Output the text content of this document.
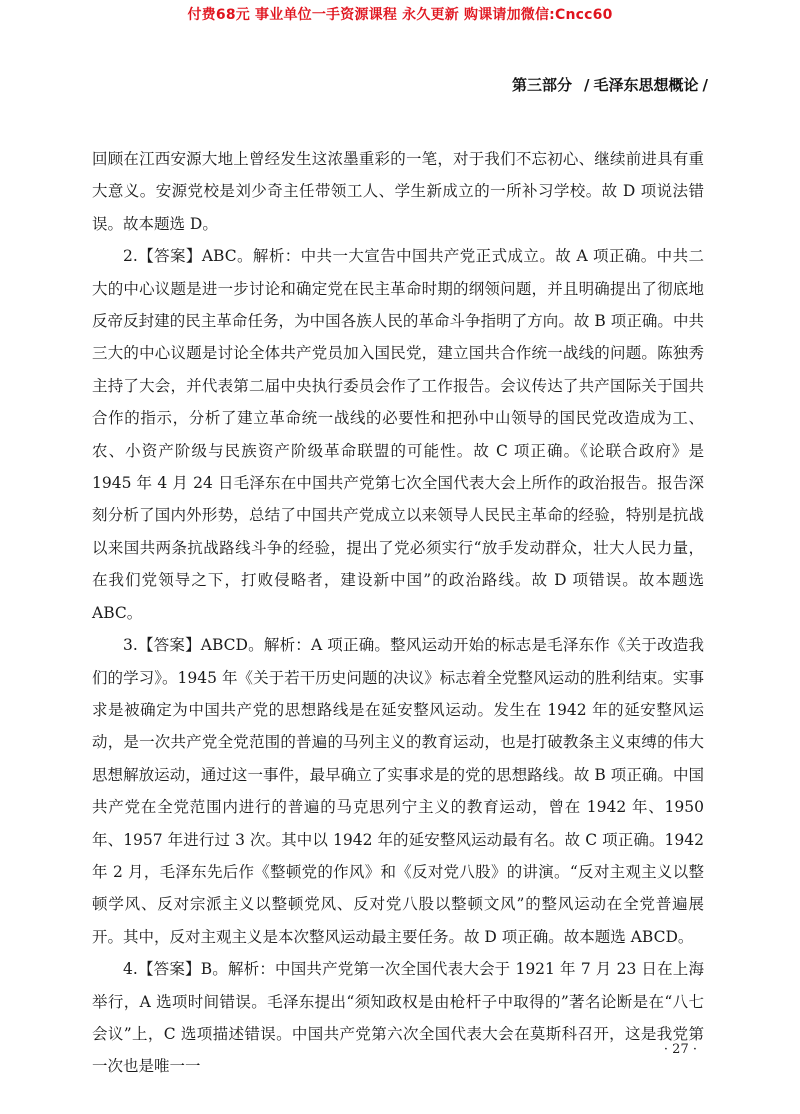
付费68元 事业单位一手资源课程 永久更新 购课请加微信:Cncc60
第三部分 / 毛泽东思想概论 /

回顾在江西安源大地上曾经发生这浓墨重彩的一笔，对于我们不忘初心、继续前进具有重大意义。安源党校是刘少奇主任带领工人、学生新成立的一所补习学校。故 D 项说法错误。故本题选 D。

2.【答案】ABC。解析：中共一大宣告中国共产党正式成立。故 A 项正确。中共二大的中心议题是进一步讨论和确定党在民主革命时期的纲领问题，并且明确提出了彻底地反帝反封建的民主革命任务，为中国各族人民的革命斗争指明了方向。故 B 项正确。中共三大的中心议题是讨论全体共产党员加入国民党，建立国共合作统一战线的问题。陈独秀主持了大会，并代表第二届中央执行委员会作了工作报告。会议传达了共产国际关于国共合作的指示，分析了建立革命统一战线的必要性和把孙中山领导的国民党改造成为工、农、小资产阶级与民族资产阶级革命联盟的可能性。故 C 项正确。《论联合政府》是 1945 年 4 月 24 日毛泽东在中国共产党第七次全国代表大会上所作的政治报告。报告深刻分析了国内外形势，总结了中国共产党成立以来领导人民民主革命的经验，特别是抗战以来国共两条抗战路线斗争的经验，提出了党必须实行“放手发动群众，壮大人民力量，在我们党领导之下，打败侵略者，建设新中国”的政治路线。故 D 项错误。故本题选 ABC。

3.【答案】ABCD。解析：A 项正确。整风运动开始的标志是毛泽东作《关于改造我们的学习》。1945 年《关于若干历史问题的决议》标志着全党整风运动的胜利结束。实事求是被确定为中国共产党的思想路线是在延安整风运动。发生在 1942 年的延安整风运动，是一次共产党全党范围的普遍的马列主义的教育运动，也是打破教条主义束缚的伟大思想解放运动，通过这一事件，最早确立了实事求是的党的思想路线。故 B 项正确。中国共产党在全党范围内进行的普遍的马克思列宁主义的教育运动，曾在 1942 年、1950 年、1957 年进行过 3 次。其中以 1942 年的延安整风运动最有名。故 C 项正确。1942 年 2 月，毛泽东先后作《整顿党的作风》和《反对党八股》的讲演。“反对主观主义以整顿学风、反对宗派主义以整顿党风、反对党八股以整顿文风”的整风运动在全党普遍展开。其中，反对主观主义是本次整风运动最主要任务。故 D 项正确。故本题选 ABCD。

4.【答案】B。解析：中国共产党第一次全国代表大会于 1921 年 7 月 23 日在上海举行，A 选项时间错误。毛泽东提出“须知政权是由枪杆子中取得的”著名论断是在“八七会议”上，C 选项描述错误。中国共产党第六次全国代表大会在莫斯科召开，这是我党第一次也是唯一一

· 27 ·
